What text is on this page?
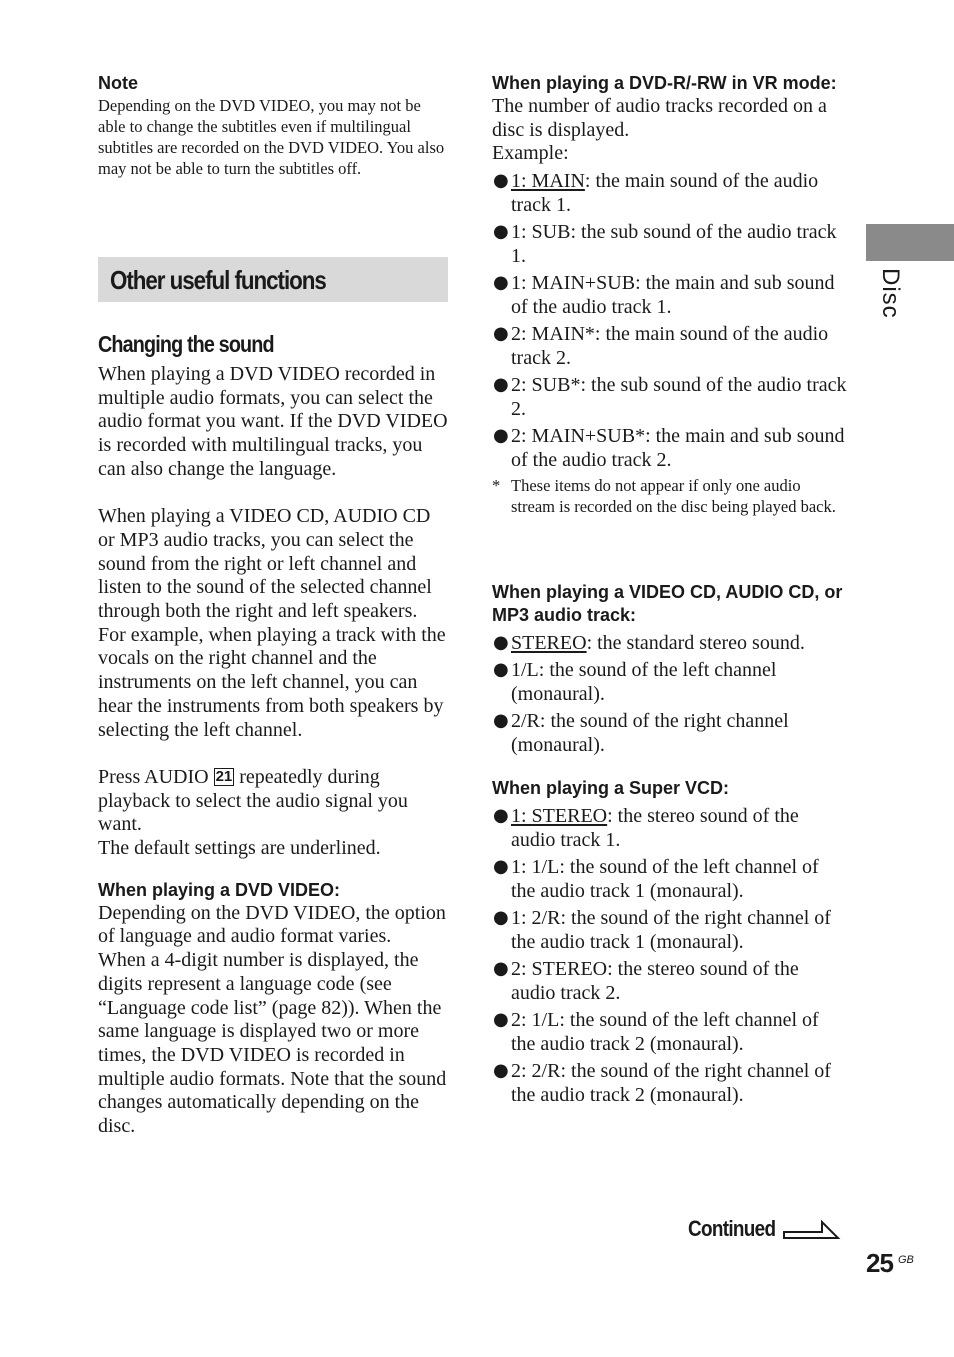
Note
Depending on the DVD VIDEO, you may not be able to change the subtitles even if multilingual subtitles are recorded on the DVD VIDEO. You also may not be able to turn the subtitles off.
Other useful functions
Changing the sound

When playing a DVD VIDEO recorded in multiple audio formats, you can select the audio format you want. If the DVD VIDEO is recorded with multilingual tracks, you can also change the language.

When playing a VIDEO CD, AUDIO CD or MP3 audio tracks, you can select the sound from the right or left channel and listen to the sound of the selected channel through both the right and left speakers. For example, when playing a track with the vocals on the right channel and the instruments on the left channel, you can hear the instruments from both speakers by selecting the left channel.

Press AUDIO 21 repeatedly during playback to select the audio signal you want.

The default settings are underlined.

When playing a DVD VIDEO:

Depending on the DVD VIDEO, the option of language and audio format varies.

When a 4-digit number is displayed, the digits represent a language code (see “Language code list” (page 82)). When the same language is displayed two or more times, the DVD VIDEO is recorded in multiple audio formats. Note that the sound changes automatically depending on the disc.

When playing a DVD-R/-RW in VR mode:

The number of audio tracks recorded on a disc is displayed.

Example:

● 1: MAIN: the main sound of the audio track 1.
● 1: SUB: the sub sound of the audio track 1.
● 1: MAIN+SUB: the main and sub sound of the audio track 1.
● 2: MAIN*: the main sound of the audio track 2.
● 2: SUB*: the sub sound of the audio track 2.
● 2: MAIN+SUB*: the main and sub sound of the audio track 2.
* These items do not appear if only one audio stream is recorded on the disc being played back.
When playing a VIDEO CD, AUDIO CD, or MP3 audio track:
● STEREO: the standard stereo sound.
● 1/L: the sound of the left channel (monaural).
● 2/R: the sound of the right channel (monaural).
When playing a Super VCD:
● 1: STEREO: the stereo sound of the audio track 1.
● 1: 1/L: the sound of the left channel of the audio track 1 (monaural).
● 1: 2/R: the sound of the right channel of the audio track 1 (monaural).
● 2: STEREO: the stereo sound of the audio track 2.
● 2: 1/L: the sound of the left channel of the audio track 2 (monaural).
● 2: 2/R: the sound of the right channel of the audio track 2 (monaural).
Disc
Continued
25 GB
